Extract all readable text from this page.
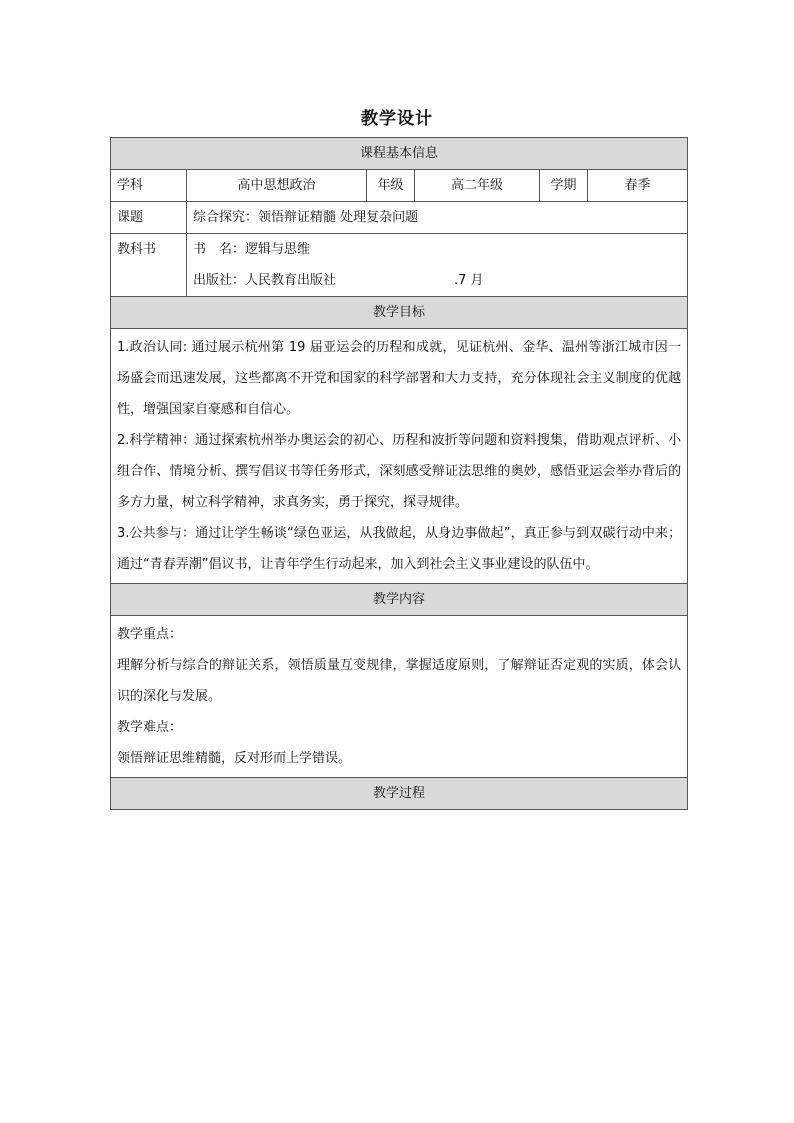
教学设计
课程基本信息					
学科	高中思想政治	年级	高二年级	学期	春季
课题	综合探究：领悟辩证精髓 处理复杂问题				
教科书	书　名：逻辑与思维
出版社：人民教育出版社 .7 月				

教学目标					

1.政治认同: 通过展示杭州第 19 届亚运会的历程和成就，见证杭州、金华、温州等浙江城市因一场盛会而迅速发展，这些都离不开党和国家的科学部署和大力支持，充分体现社会主义制度的优越性，增强国家自豪感和自信心。

2.科学精神：通过探索杭州举办奥运会的初心、历程和波折等问题和资料搜集，借助观点评析、小组合作、情境分析、撰写倡议书等任务形式，深刻感受辩证法思维的奥妙，感悟亚运会举办背后的多方力量，树立科学精神，求真务实，勇于探究，探寻规律。

3.公共参与：通过让学生畅谈“绿色亚运，从我做起，从身边事做起”，真正参与到双碳行动中来；通过“青春弄潮”倡议书，让青年学生行动起来，加入到社会主义事业建设的队伍中。					

教学内容					

教学重点：

理解分析与综合的辩证关系，领悟质量互变规律，掌握适度原则，了解辩证否定观的实质，体会认识的深化与发展。

教学难点：

领悟辩证思维精髓，反对形而上学错误。					

教学过程					
